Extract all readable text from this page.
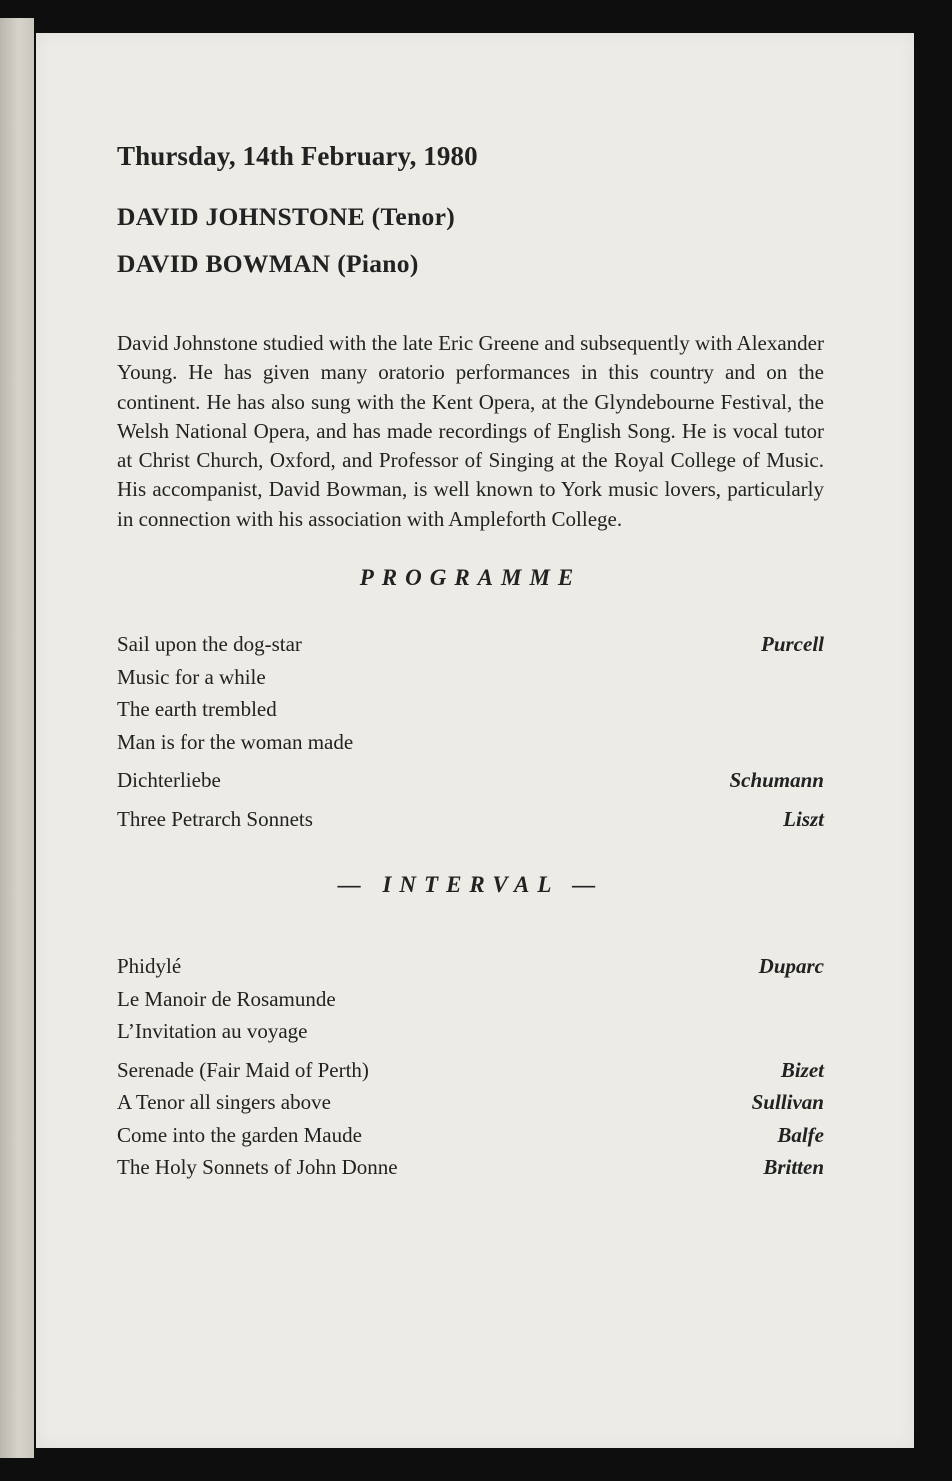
Thursday, 14th February, 1980
DAVID JOHNSTONE (Tenor)
DAVID BOWMAN (Piano)
David Johnstone studied with the late Eric Greene and subsequently with Alexander Young. He has given many oratorio performances in this country and on the continent. He has also sung with the Kent Opera, at the Glyndebourne Festival, the Welsh National Opera, and has made recordings of English Song. He is vocal tutor at Christ Church, Oxford, and Professor of Singing at the Royal College of Music. His accompanist, David Bowman, is well known to York music lovers, particularly in connection with his association with Ampleforth College.
PROGRAMME
Sail upon the dog-star	Purcell
Music for a while
The earth trembled
Man is for the woman made
Dichterliebe	Schumann
Three Petrarch Sonnets	Liszt
— INTERVAL —
Phidylé	Duparc
Le Manoir de Rosamunde
L’Invitation au voyage
Serenade (Fair Maid of Perth)	Bizet
A Tenor all singers above	Sullivan
Come into the garden Maude	Balfe
The Holy Sonnets of John Donne	Britten
